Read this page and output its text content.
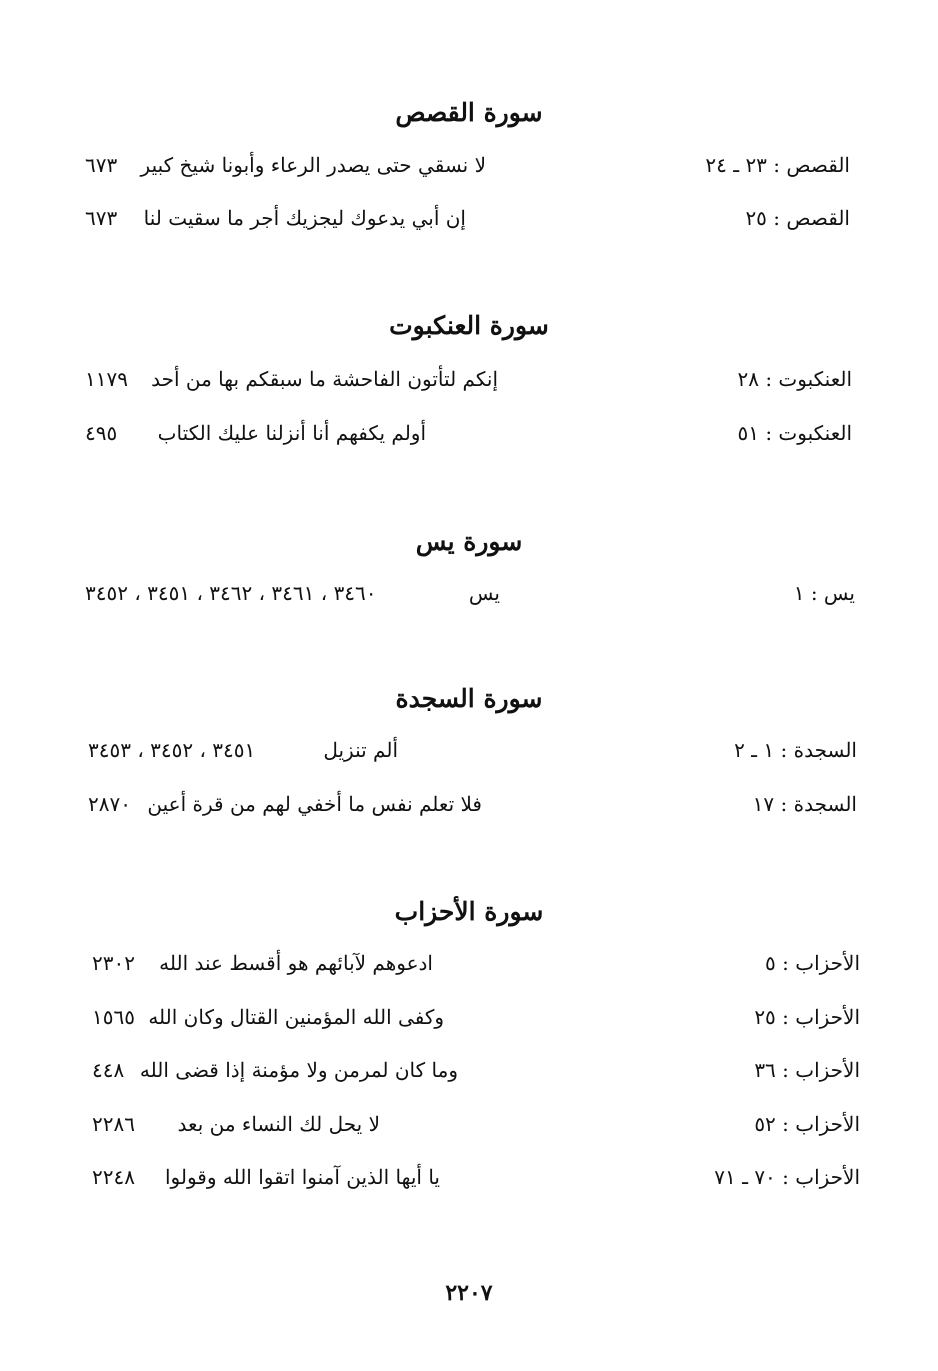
سورة القصص
القصص : ٢٣ ـ ٢٤
لا نسقي حتى يصدر الرعاء وأبونا شيخ كبير
٦٧٣
القصص : ٢٥
إن أبي يدعوك ليجزيك أجر ما سقيت لنا
٦٧٣
سورة العنكبوت
العنكبوت : ٢٨
إنكم لتأتون الفاحشة ما سبقكم بها من أحد
١١٧٩
العنكبوت : ٥١
أولم يكفهم أنا أنزلنا عليك الكتاب
٤٩٥
سورة يس
يس : ١
يس
٣٤٦٠ ، ٣٤٦١ ، ٣٤٦٢ ، ٣٤٥١ ، ٣٤٥٢
سورة السجدة
السجدة : ١ ـ ٢
ألم تنزيل
٣٤٥١ ، ٣٤٥٢ ، ٣٤٥٣
السجدة : ١٧
فلا تعلم نفس ما أخفي لهم من قرة أعين
٢٨٧٠
سورة الأحزاب
الأحزاب : ٥
ادعوهم لآبائهم هو أقسط عند الله
٢٣٠٢
الأحزاب : ٢٥
وكفى الله المؤمنين القتال وكان الله
١٥٦٥
الأحزاب : ٣٦
وما كان لمرمن ولا مؤمنة إذا قضى الله
٤٤٨
الأحزاب : ٥٢
لا يحل لك النساء من بعد
٢٢٨٦
الأحزاب : ٧٠ ـ ٧١
يا أيها الذين آمنوا اتقوا الله وقولوا
٢٢٤٨
٢٢٠٧
